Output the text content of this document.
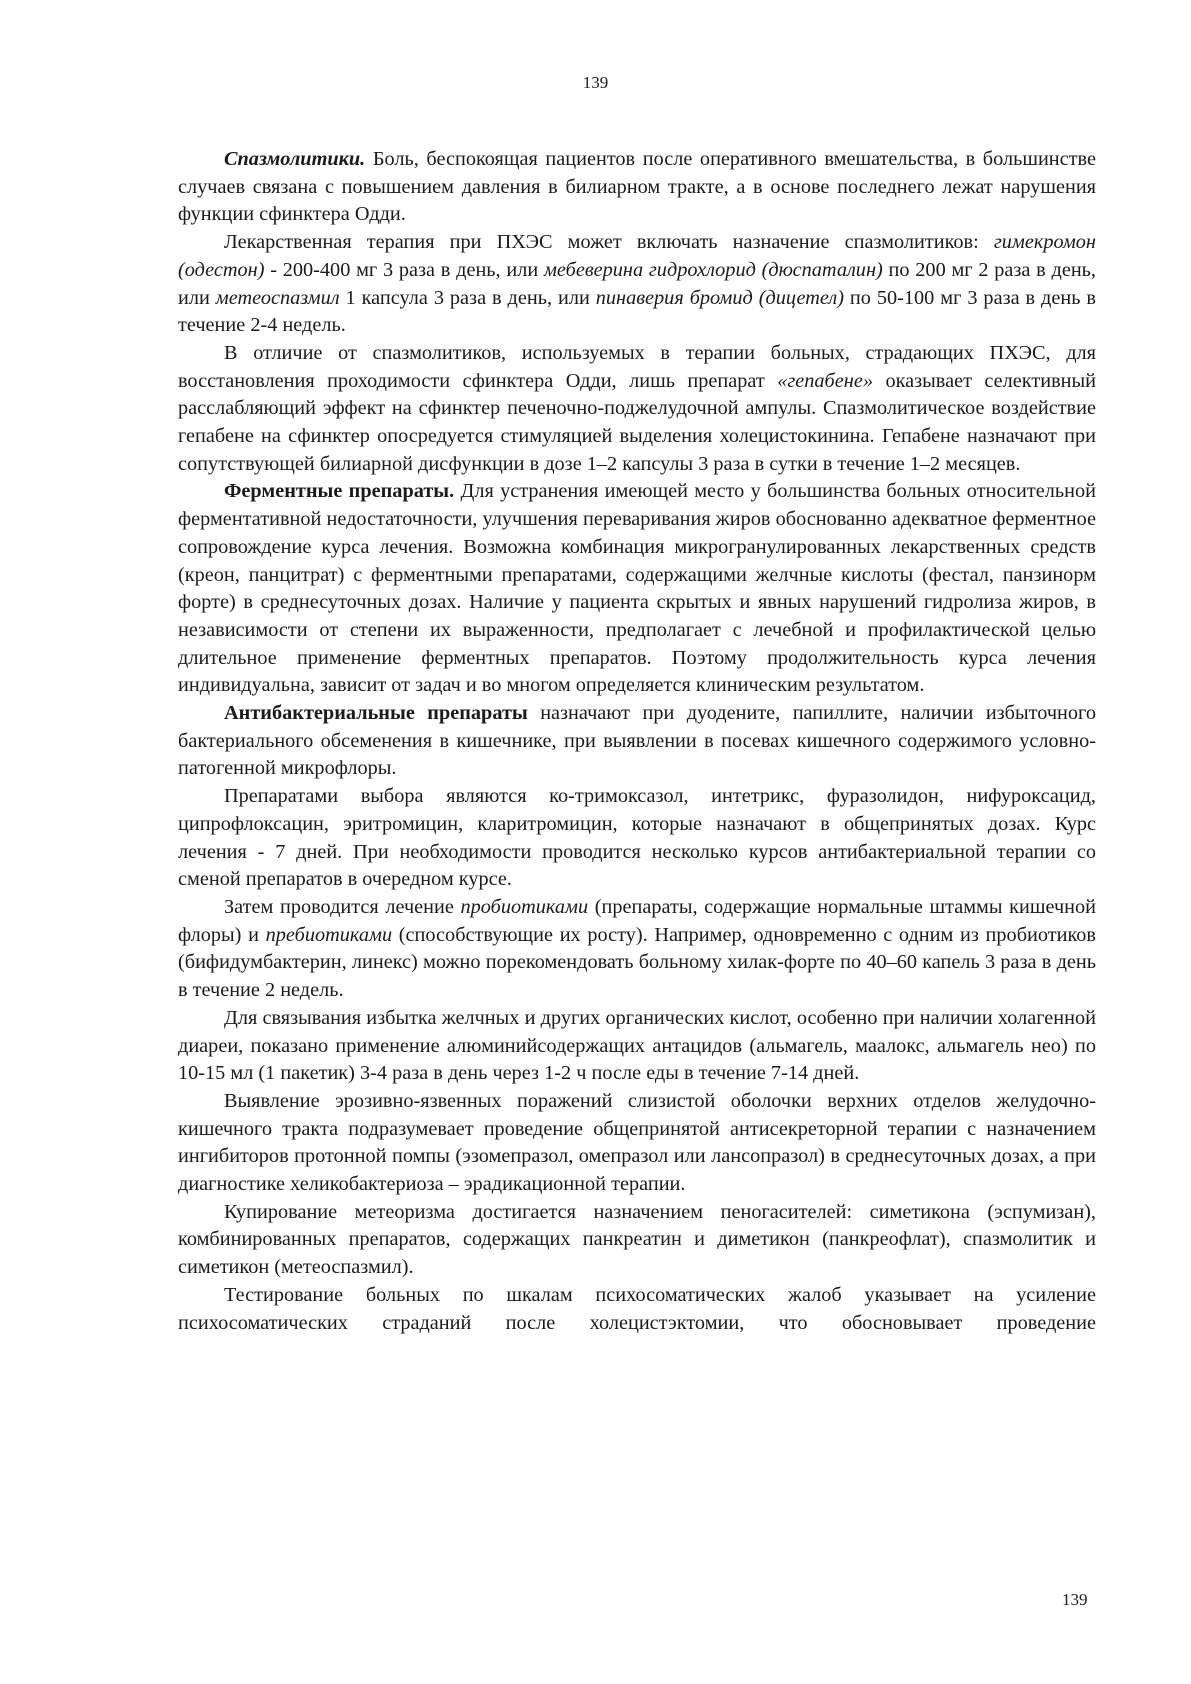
139

Спазмолитики. Боль, беспокоящая пациентов после оперативного вмешательства, в большинстве случаев связана с повышением давления в билиарном тракте, а в основе последнего лежат нарушения функции сфинктера Одди.

Лекарственная терапия при ПХЭС может включать назначение спазмолитиков: гимекромон (одестон) - 200-400 мг 3 раза в день, или мебеверина гидрохлорид (дюспаталин) по 200 мг 2 раза в день, или метеоспазмил 1 капсула 3 раза в день, или пинаверия бромид (дицетел) по 50-100 мг 3 раза в день в течение 2-4 недель.

В отличие от спазмолитиков, используемых в терапии больных, страдающих ПХЭС, для восстановления проходимости сфинктера Одди, лишь препарат «гепабене» оказывает селективный расслабляющий эффект на сфинктер печеночно-поджелудочной ампулы. Спазмолитическое воздействие гепабене на сфинктер опосредуется стимуляцией выделения холецистокинина. Гепабене назначают при сопутствующей билиарной дисфункции в дозе 1–2 капсулы 3 раза в сутки в течение 1–2 месяцев.

Ферментные препараты. Для устранения имеющей место у большинства больных относительной ферментативной недостаточности, улучшения переваривания жиров обоснованно адекватное ферментное сопровождение курса лечения. Возможна комбинация микрогранулированных лекарственных средств (креон, панцитрат) с ферментными препаратами, содержащими желчные кислоты (фестал, панзинорм форте) в среднесуточных дозах. Наличие у пациента скрытых и явных нарушений гидролиза жиров, в независимости от степени их выраженности, предполагает с лечебной и профилактической целью длительное применение ферментных препаратов. Поэтому продолжительность курса лечения индивидуальна, зависит от задач и во многом определяется клиническим результатом.

Антибактериальные препараты назначают при дуодените, папиллите, наличии избыточного бактериального обсеменения в кишечнике, при выявлении в посевах кишечного содержимого условно-патогенной микрофлоры.

Препаратами выбора являются ко-тримоксазол, интетрикс, фуразолидон, нифуроксацид, ципрофлоксацин, эритромицин, кларитромицин, которые назначают в общепринятых дозах. Курс лечения - 7 дней. При необходимости проводится несколько курсов антибактериальной терапии со сменой препаратов в очередном курсе.

Затем проводится лечение пробиотиками (препараты, содержащие нормальные штаммы кишечной флоры) и пребиотиками (способствующие их росту). Например, одновременно с одним из пробиотиков (бифидумбактерин, линекс) можно порекомендовать больному хилак-форте по 40–60 капель 3 раза в день в течение 2 недель.

Для связывания избытка желчных и других органических кислот, особенно при наличии холагенной диареи, показано применение алюминийсодержащих антацидов (альмагель, маалокс, альмагель нео) по 10-15 мл (1 пакетик) 3-4 раза в день через 1-2 ч после еды в течение 7-14 дней.

Выявление эрозивно-язвенных поражений слизистой оболочки верхних отделов желудочно-кишечного тракта подразумевает проведение общепринятой антисекреторной терапии с назначением ингибиторов протонной помпы (эзомепразол, омепразол или лансопразол) в среднесуточных дозах, а при диагностике хеликобактериоза – эрадикационной терапии.

Купирование метеоризма достигается назначением пеногасителей: симетикона (эспумизан), комбинированных препаратов, содержащих панкреатин и диметикон (панкреофлат), спазмолитик и симетикон (метеоспазмил).

Тестирование больных по шкалам психосоматических жалоб указывает на усиление психосоматических страданий после холецистэктомии, что обосновывает проведение

139
